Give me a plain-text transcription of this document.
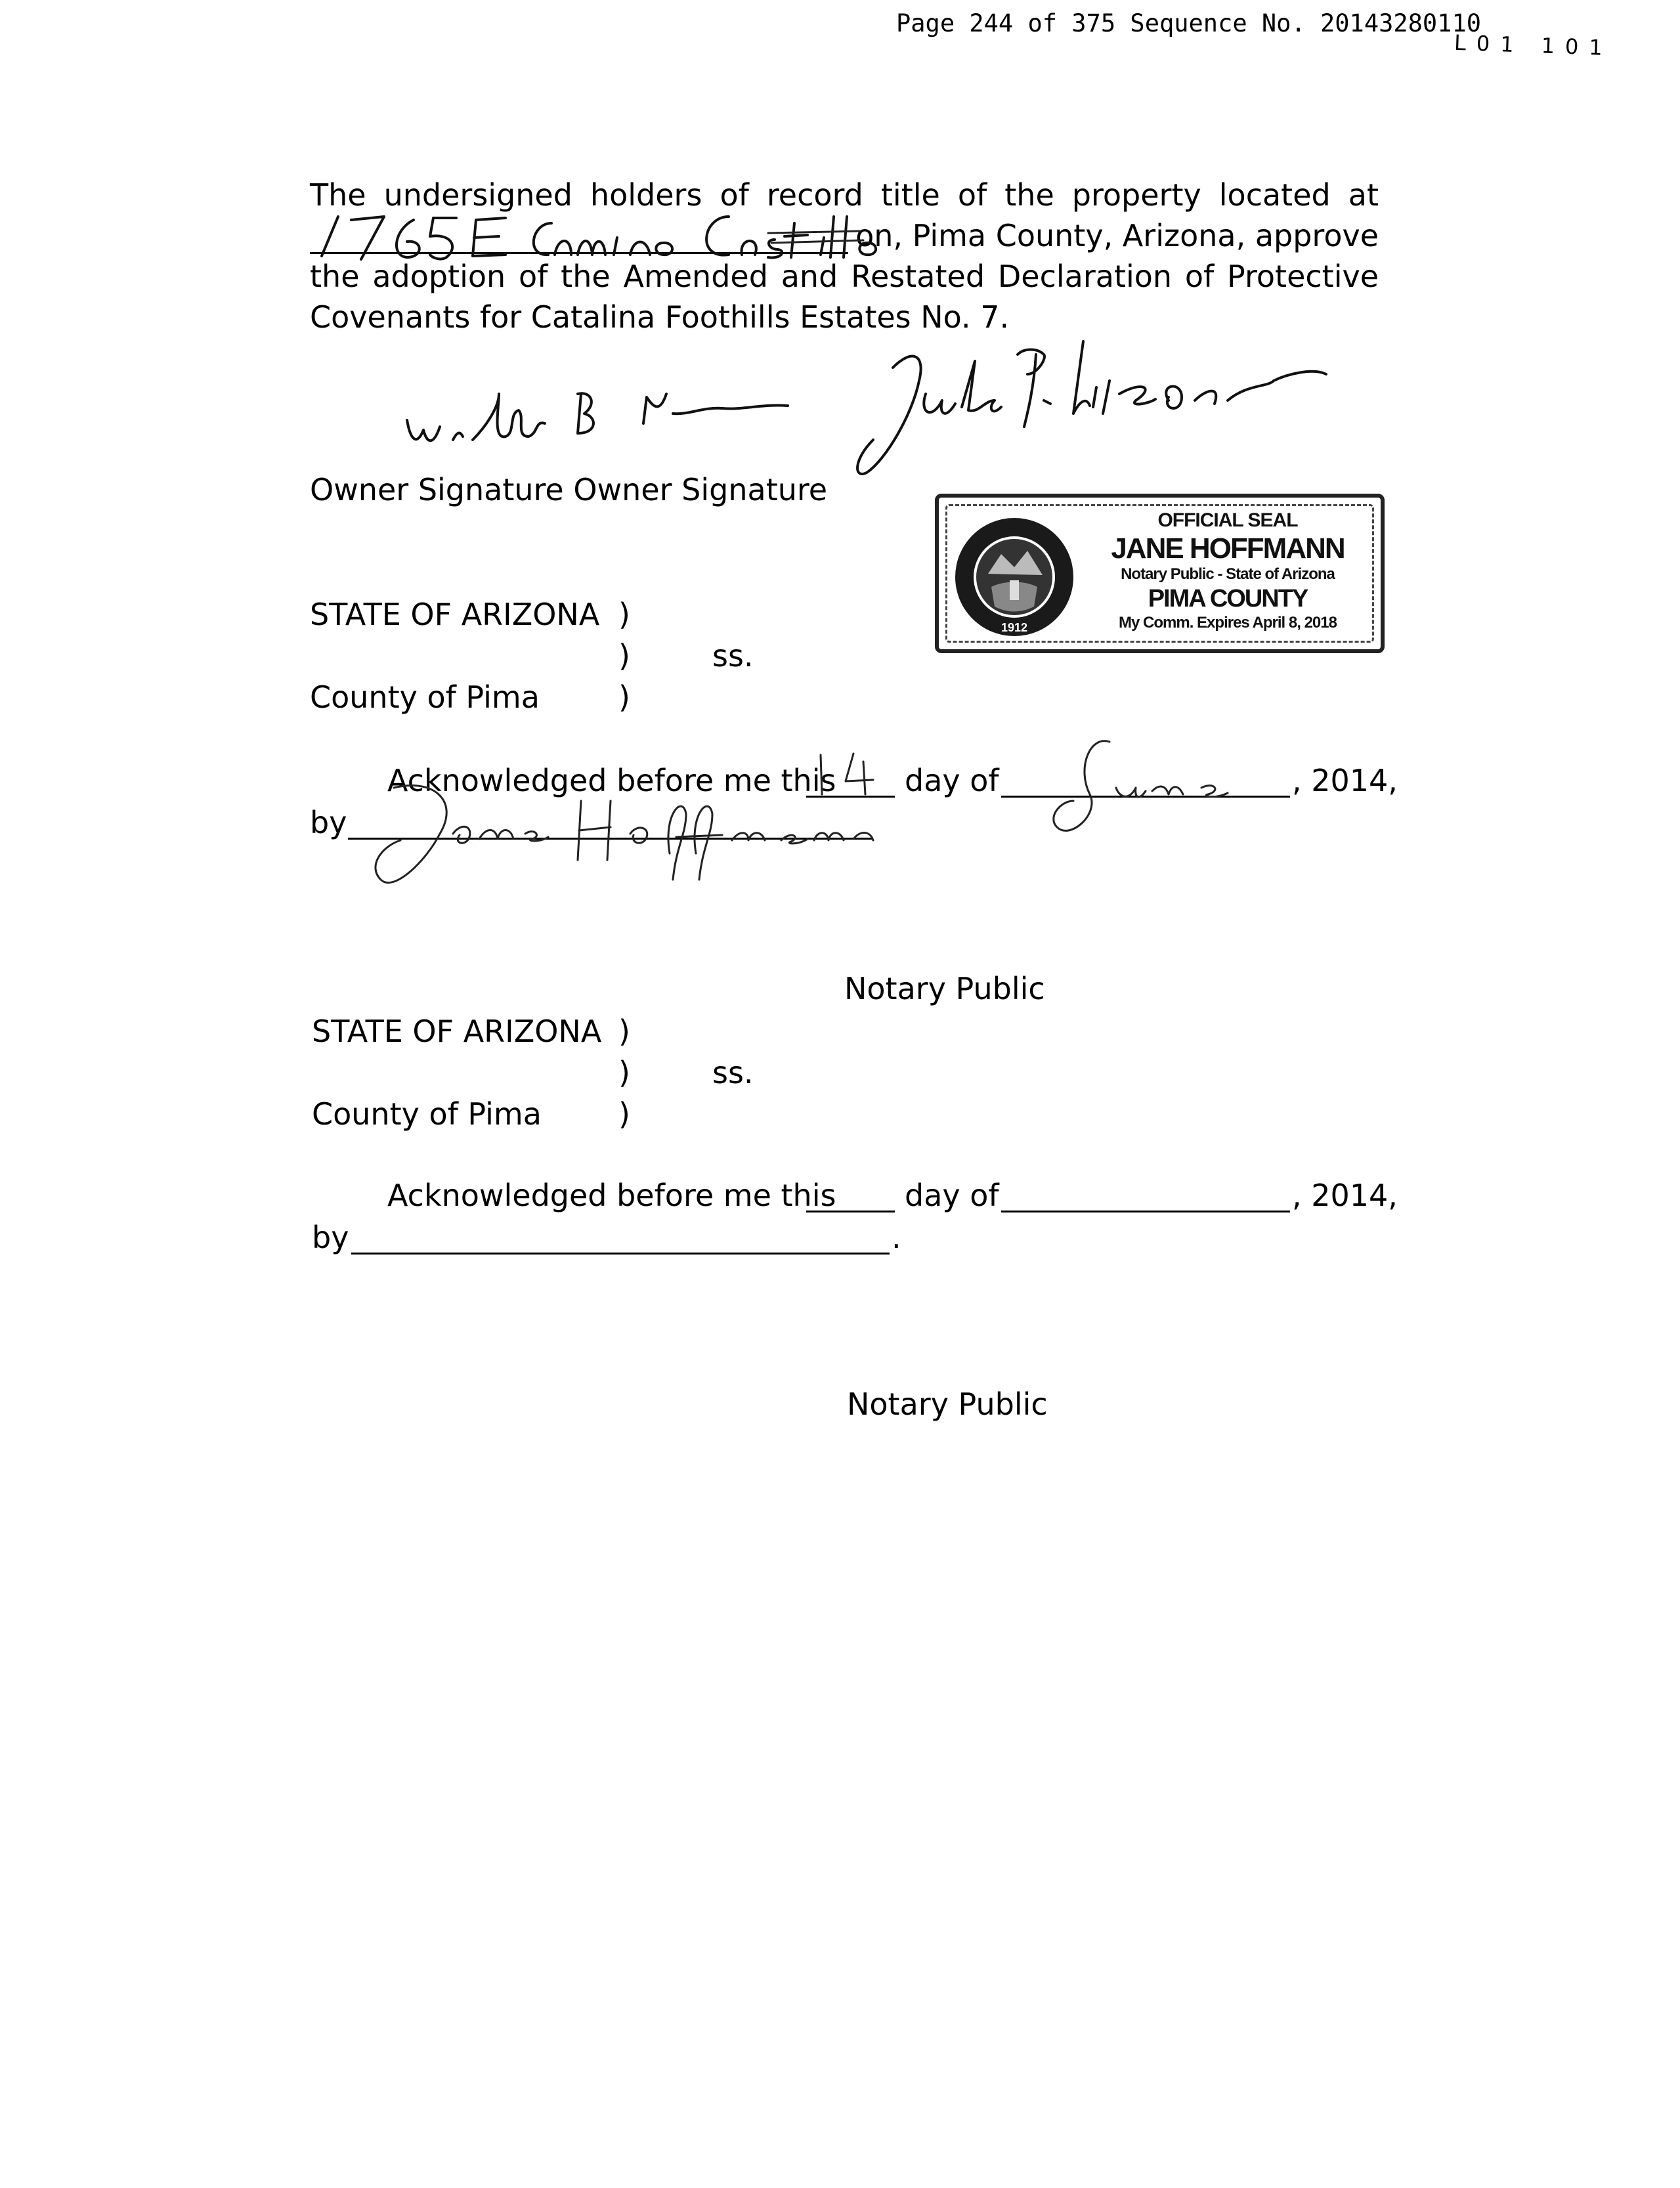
Page 244 of 375 Sequence No. 20143280110
L01 101
The undersigned holders of record title of the property located at
on, Pima County, Arizona, approve
the adoption of the Amended and Restated Declaration of Protective
Covenants for Catalina Foothills Estates No. 7.
Owner Signature Owner Signature
1912
OFFICIAL SEAL
JANE HOFFMANN
Notary Public - State of Arizona
PIMA COUNTY
My Comm. Expires April 8, 2018
STATE OF ARIZONA )
)	ss.
County of Pima	)
Acknowledged before me this day of	, 2014,
by
Notary Public
STATE OF ARIZONA )
)	ss.
County of Pima	)
Acknowledged before me this day of	, 2014,
by	.
Notary Public
